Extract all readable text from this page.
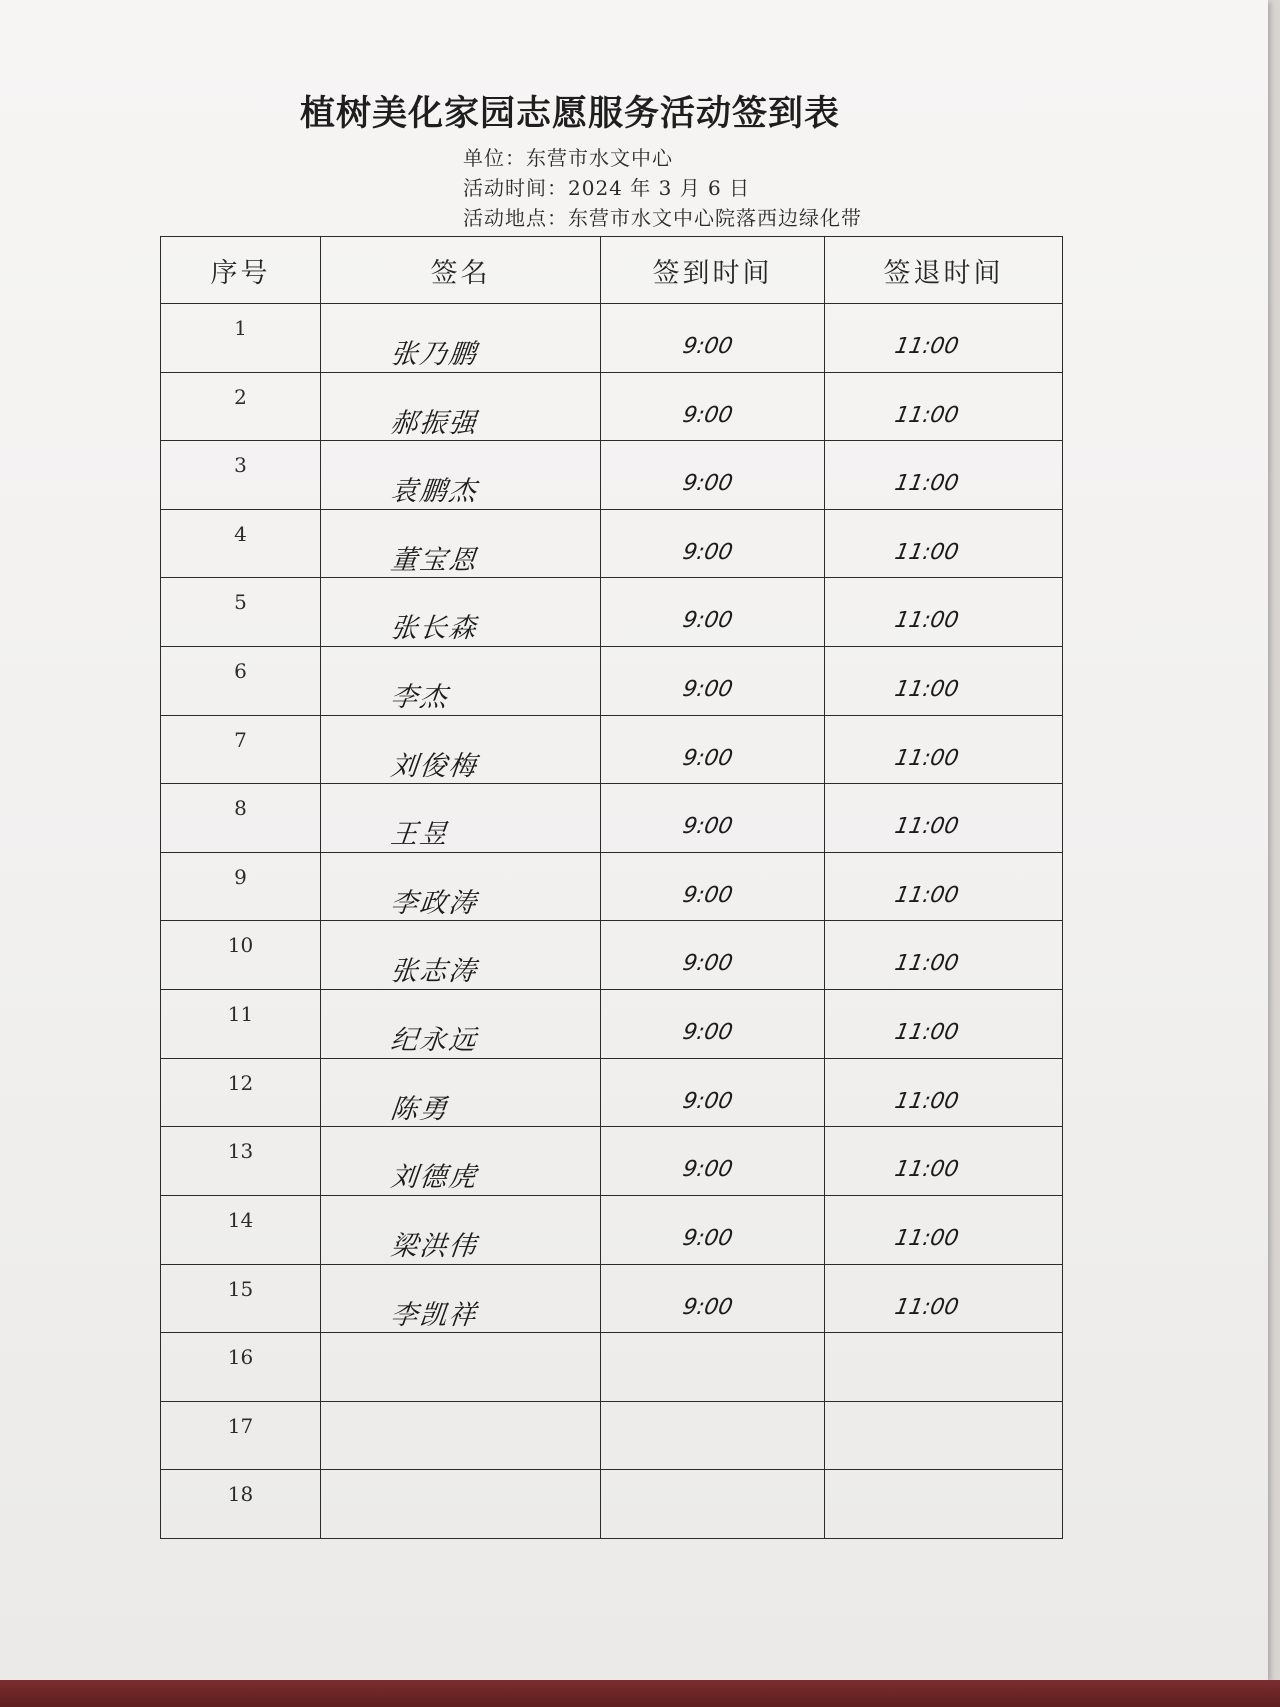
植树美化家园志愿服务活动签到表
单位：东营市水文中心
活动时间：2024 年 3 月 6 日
活动地点：东营市水文中心院落西边绿化带
序号	签名	签到时间	签退时间

1	张乃鹏	9:00	11:00

2	郝振强	9:00	11:00

3	袁鹏杰	9:00	11:00

4	董宝恩	9:00	11:00

5	张长森	9:00	11:00

6	李杰	9:00	11:00

7	刘俊梅	9:00	11:00

8	王昱	9:00	11:00

9	李政涛	9:00	11:00

10	张志涛	9:00	11:00

11	纪永远	9:00	11:00

12	陈勇	9:00	11:00

13	刘德虎	9:00	11:00

14	梁洪伟	9:00	11:00

15	李凯祥	9:00	11:00

16			

17			

18			
